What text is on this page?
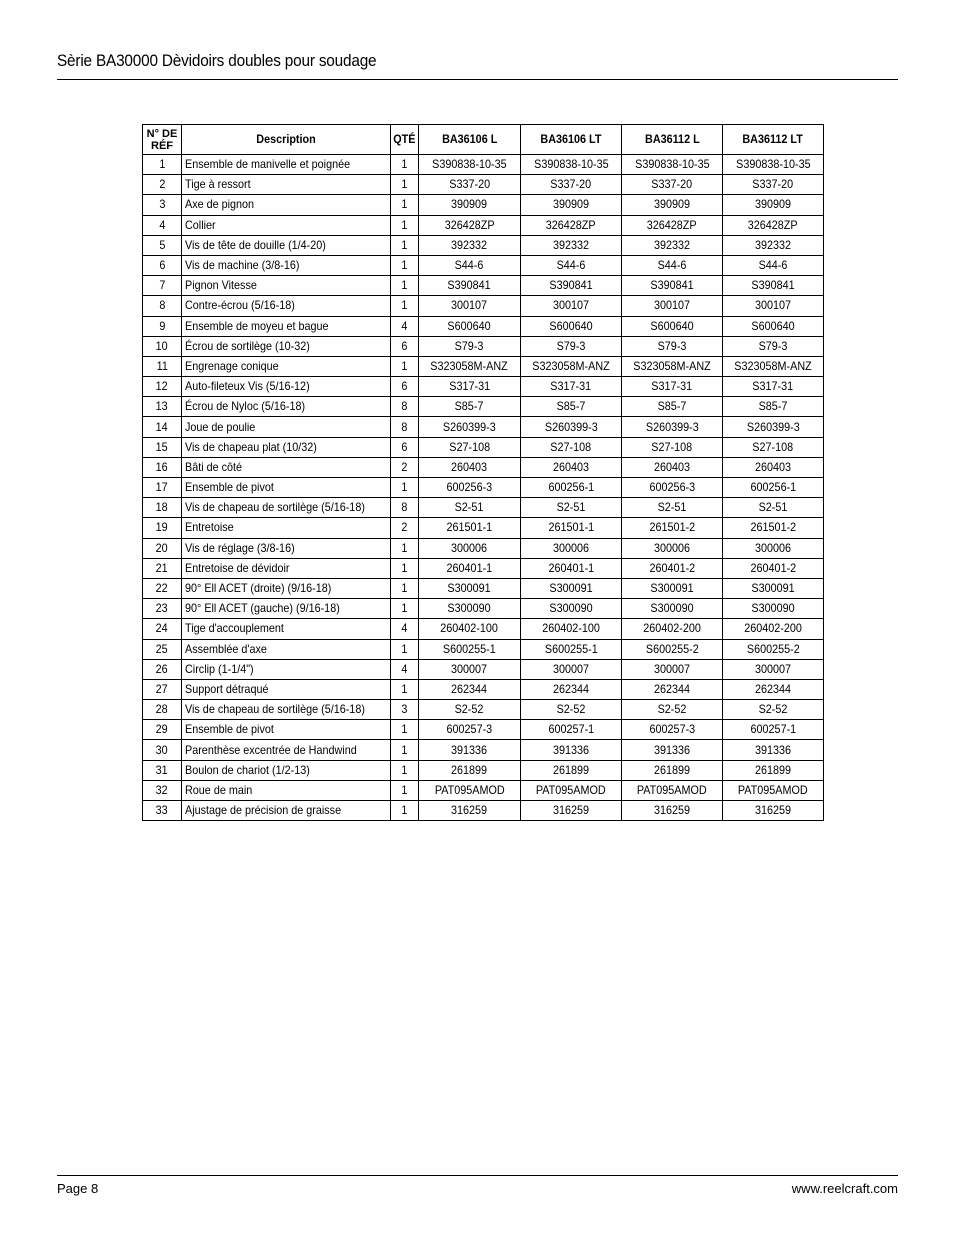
Sèrie BA30000 Dèvidoirs doubles pour soudage
N° DE
RÉF	Description	QTÉ	BA36106 L	BA36106 LT	BA36112 L	BA36112 LT
1	Ensemble de manivelle et poignée	1	S390838-10-35	S390838-10-35	S390838-10-35	S390838-10-35
2	Tige à ressort	1	S337-20	S337-20	S337-20	S337-20
3	Axe de pignon	1	390909	390909	390909	390909
4	Collier	1	326428ZP	326428ZP	326428ZP	326428ZP
5	Vis de tête de douille (1/4-20)	1	392332	392332	392332	392332
6	Vis de machine (3/8-16)	1	S44-6	S44-6	S44-6	S44-6
7	Pignon Vitesse	1	S390841	S390841	S390841	S390841
8	Contre-écrou (5/16-18)	1	300107	300107	300107	300107
9	Ensemble de moyeu et bague	4	S600640	S600640	S600640	S600640
10	Écrou de sortilège (10-32)	6	S79-3	S79-3	S79-3	S79-3
11	Engrenage conique	1	S323058M-ANZ	S323058M-ANZ	S323058M-ANZ	S323058M-ANZ
12	Auto-fileteux Vis (5/16-12)	6	S317-31	S317-31	S317-31	S317-31
13	Écrou de Nyloc (5/16-18)	8	S85-7	S85-7	S85-7	S85-7
14	Joue de poulie	8	S260399-3	S260399-3	S260399-3	S260399-3
15	Vis de chapeau plat (10/32)	6	S27-108	S27-108	S27-108	S27-108
16	Bâti de côté	2	260403	260403	260403	260403
17	Ensemble de pivot	1	600256-3	600256-1	600256-3	600256-1
18	Vis de chapeau de sortilège (5/16-18)	8	S2-51	S2-51	S2-51	S2-51
19	Entretoise	2	261501-1	261501-1	261501-2	261501-2
20	Vis de réglage (3/8-16)	1	300006	300006	300006	300006
21	Entretoise de dévidoir	1	260401-1	260401-1	260401-2	260401-2
22	90° Ell ACET (droite) (9/16-18)	1	S300091	S300091	S300091	S300091
23	90° Ell ACET (gauche) (9/16-18)	1	S300090	S300090	S300090	S300090
24	Tige d'accouplement	4	260402-100	260402-100	260402-200	260402-200
25	Assemblée d'axe	1	S600255-1	S600255-1	S600255-2	S600255-2
26	Circlip (1-1/4")	4	300007	300007	300007	300007
27	Support détraqué	1	262344	262344	262344	262344
28	Vis de chapeau de sortilège (5/16-18)	3	S2-52	S2-52	S2-52	S2-52
29	Ensemble de pivot	1	600257-3	600257-1	600257-3	600257-1
30	Parenthèse excentrée de Handwind	1	391336	391336	391336	391336
31	Boulon de chariot (1/2-13)	1	261899	261899	261899	261899
32	Roue de main	1	PAT095AMOD	PAT095AMOD	PAT095AMOD	PAT095AMOD
33	Ajustage de précision de graisse	1	316259	316259	316259	316259
Page 8	www.reelcraft.com
